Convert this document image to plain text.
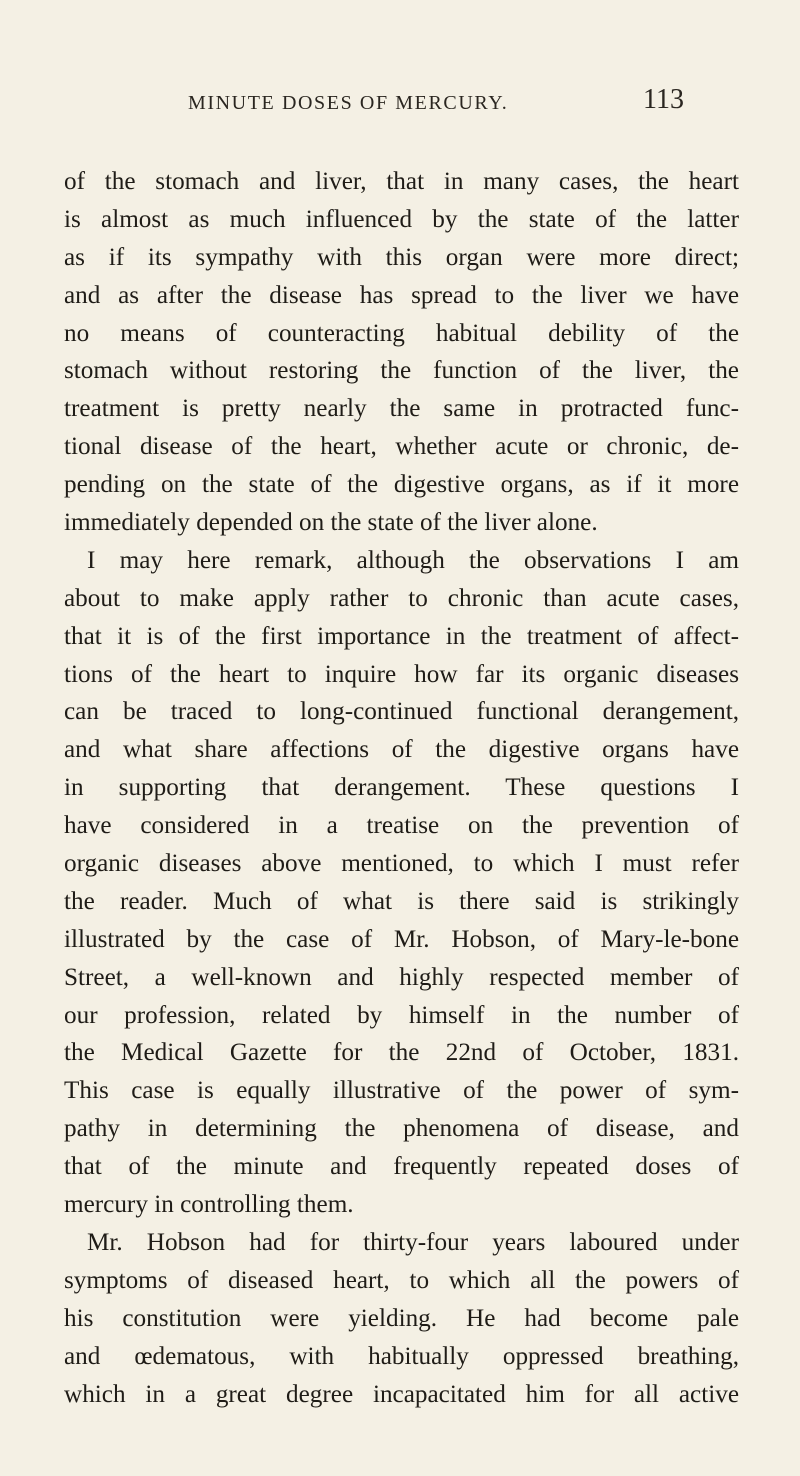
MINUTE DOSES OF MERCURY.	113
of the stomach and liver, that in many cases, the heart
is almost as much influenced by the state of the latter
as if its sympathy with this organ were more direct;
and as after the disease has spread to the liver we have
no means of counteracting habitual debility of the
stomach without restoring the function of the liver, the
treatment is pretty nearly the same in protracted func-
tional disease of the heart, whether acute or chronic, de-
pending on the state of the digestive organs, as if it more
immediately depended on the state of the liver alone.
I may here remark, although the observations I am
about to make apply rather to chronic than acute cases,
that it is of the first importance in the treatment of affect-
tions of the heart to inquire how far its organic diseases
can be traced to long-continued functional derangement,
and what share affections of the digestive organs have
in supporting that derangement. These questions I
have considered in a treatise on the prevention of
organic diseases above mentioned, to which I must refer
the reader. Much of what is there said is strikingly
illustrated by the case of Mr. Hobson, of Mary-le-bone
Street, a well-known and highly respected member of
our profession, related by himself in the number of
the Medical Gazette for the 22nd of October, 1831.
This case is equally illustrative of the power of sym-
pathy in determining the phenomena of disease, and
that of the minute and frequently repeated doses of
mercury in controlling them.
Mr. Hobson had for thirty-four years laboured under
symptoms of diseased heart, to which all the powers of
his constitution were yielding. He had become pale
and œdematous, with habitually oppressed breathing,
which in a great degree incapacitated him for all active
